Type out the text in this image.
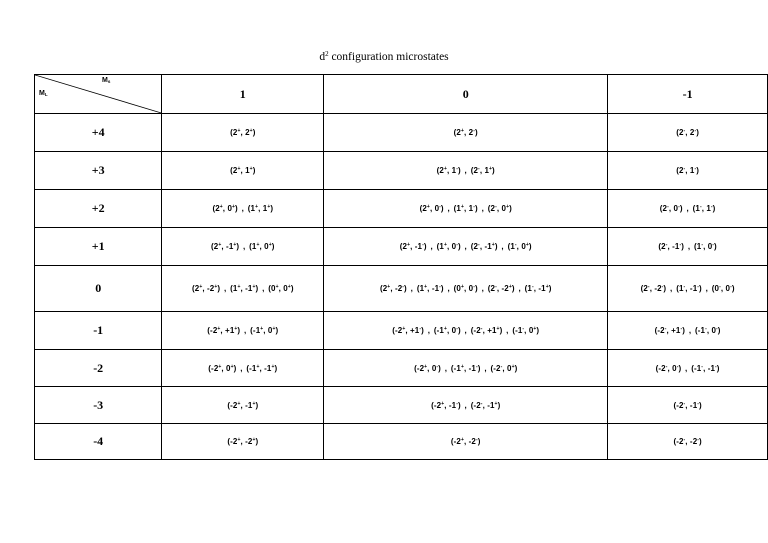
$d^2$ configuration microstates
$M_s$
$M_L$	1	0	-1
+4	(2+, 2+)	(2+, 2-)	(2-, 2-)
+3	(2+, 1+)	(2+, 1-) , (2-, 1+)	(2-, 1-)
+2	(2+, 0+) , (1+, 1+)	(2+, 0-) , (1+, 1-) , (2-, 0+)	(2-, 0-) , (1-, 1-)
+1	(2+, -1+) , (1+, 0+)	(2+, -1-) , (1+, 0-) , (2-, -1+) , (1-, 0+)	(2-, -1-) , (1-, 0-)
0	(2+, -2+) , (1+, -1+) , (0+, 0+)	(2+, -2-) , (1+, -1-) , (0+, 0-) , (2-, -2+) , (1-, -1+)	(2-, -2-) , (1-, -1-) , (0-, 0-)
-1	(-2+, +1+) , (-1+, 0+)	(-2+, +1-) , (-1+, 0-) , (-2-, +1+) , (-1-, 0+)	(-2-, +1-) , (-1-, 0-)
-2	(-2+, 0+) , (-1+, -1+)	(-2+, 0-) , (-1+, -1-) , (-2-, 0+)	(-2-, 0-) , (-1-, -1-)
-3	(-2+, -1+)	(-2+, -1-) , (-2-, -1+)	(-2-, -1-)
-4	(-2+, -2+)	(-2+, -2-)	(-2-, -2-)
